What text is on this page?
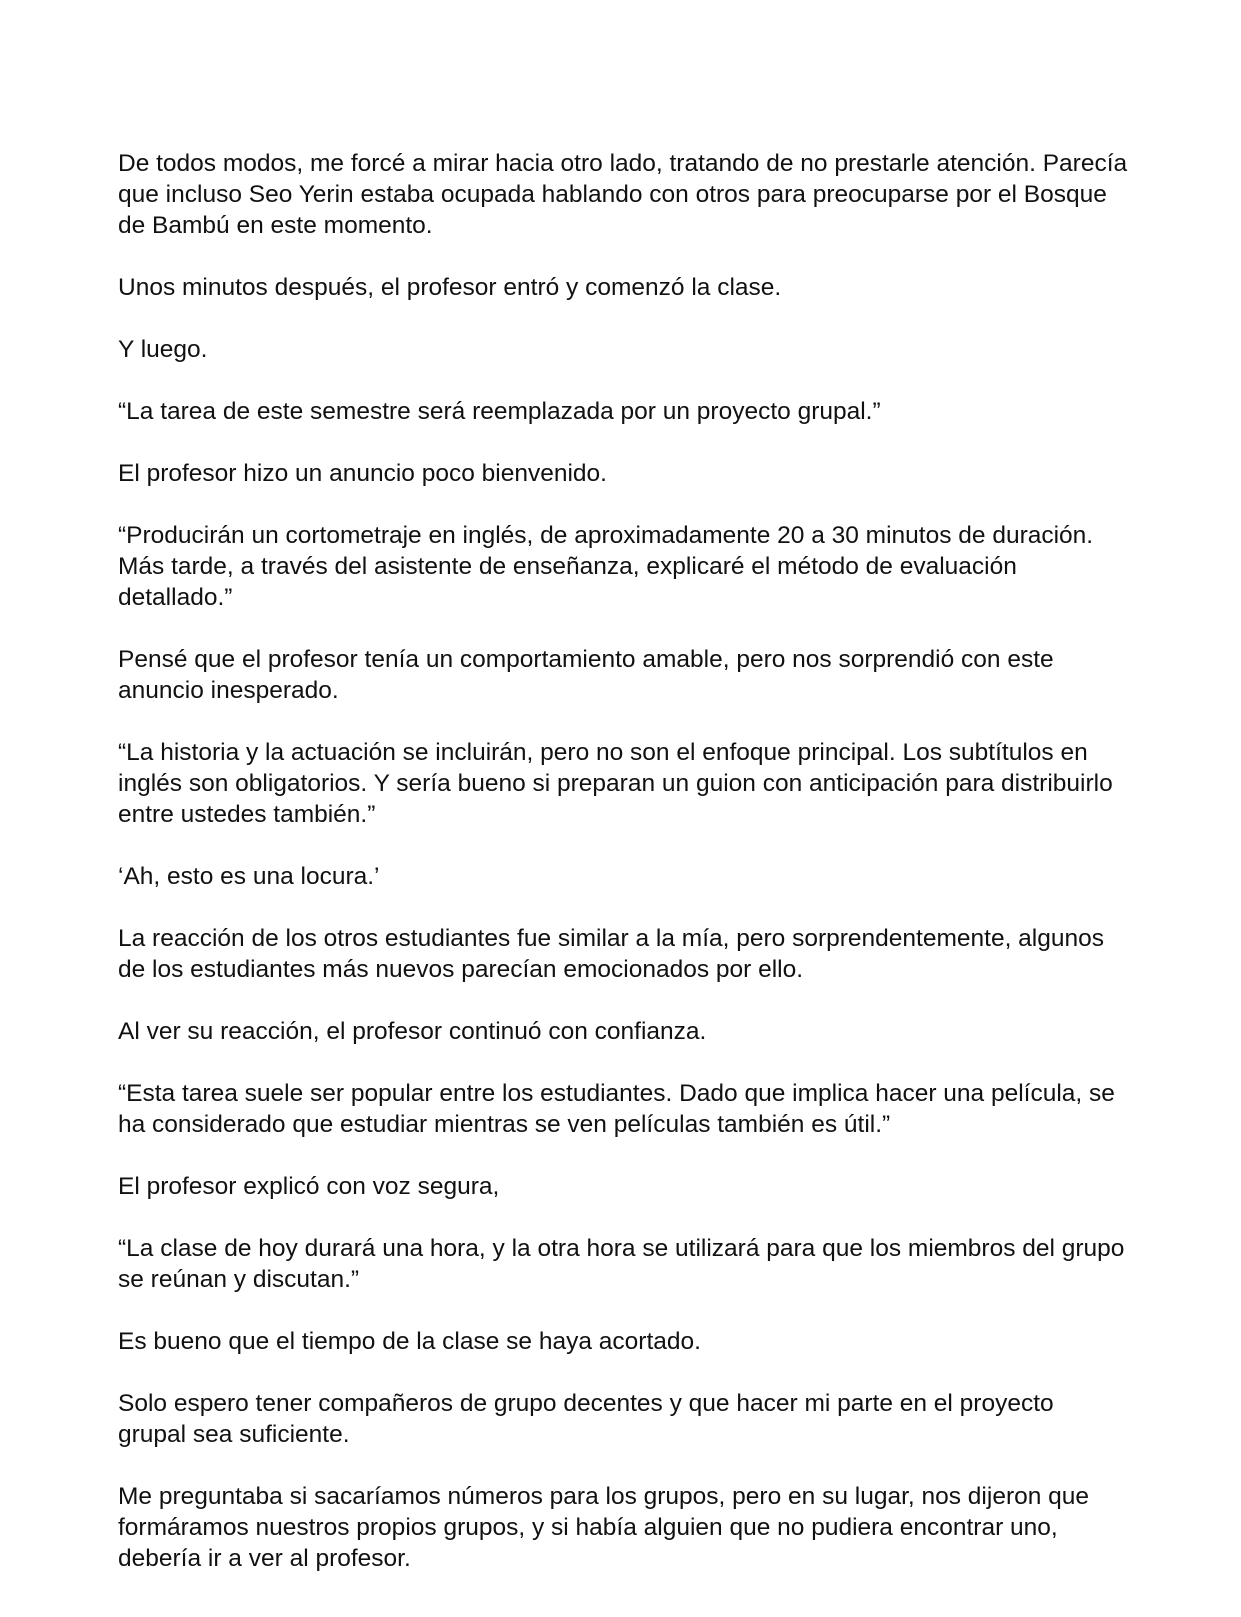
De todos modos, me forcé a mirar hacia otro lado, tratando de no prestarle atención. Parecía que incluso Seo Yerin estaba ocupada hablando con otros para preocuparse por el Bosque de Bambú en este momento.

Unos minutos después, el profesor entró y comenzó la clase.

Y luego.

“La tarea de este semestre será reemplazada por un proyecto grupal.”

El profesor hizo un anuncio poco bienvenido.

“Producirán un cortometraje en inglés, de aproximadamente 20 a 30 minutos de duración. Más tarde, a través del asistente de enseñanza, explicaré el método de evaluación detallado.”

Pensé que el profesor tenía un comportamiento amable, pero nos sorprendió con este anuncio inesperado.

“La historia y la actuación se incluirán, pero no son el enfoque principal. Los subtítulos en inglés son obligatorios. Y sería bueno si preparan un guion con anticipación para distribuirlo entre ustedes también.”

‘Ah, esto es una locura.’

La reacción de los otros estudiantes fue similar a la mía, pero sorprendentemente, algunos de los estudiantes más nuevos parecían emocionados por ello.

Al ver su reacción, el profesor continuó con confianza.

“Esta tarea suele ser popular entre los estudiantes. Dado que implica hacer una película, se ha considerado que estudiar mientras se ven películas también es útil.”

El profesor explicó con voz segura,

“La clase de hoy durará una hora, y la otra hora se utilizará para que los miembros del grupo se reúnan y discutan.”

Es bueno que el tiempo de la clase se haya acortado.

Solo espero tener compañeros de grupo decentes y que hacer mi parte en el proyecto grupal sea suficiente.

Me preguntaba si sacaríamos números para los grupos, pero en su lugar, nos dijeron que formáramos nuestros propios grupos, y si había alguien que no pudiera encontrar uno, debería ir a ver al profesor.
